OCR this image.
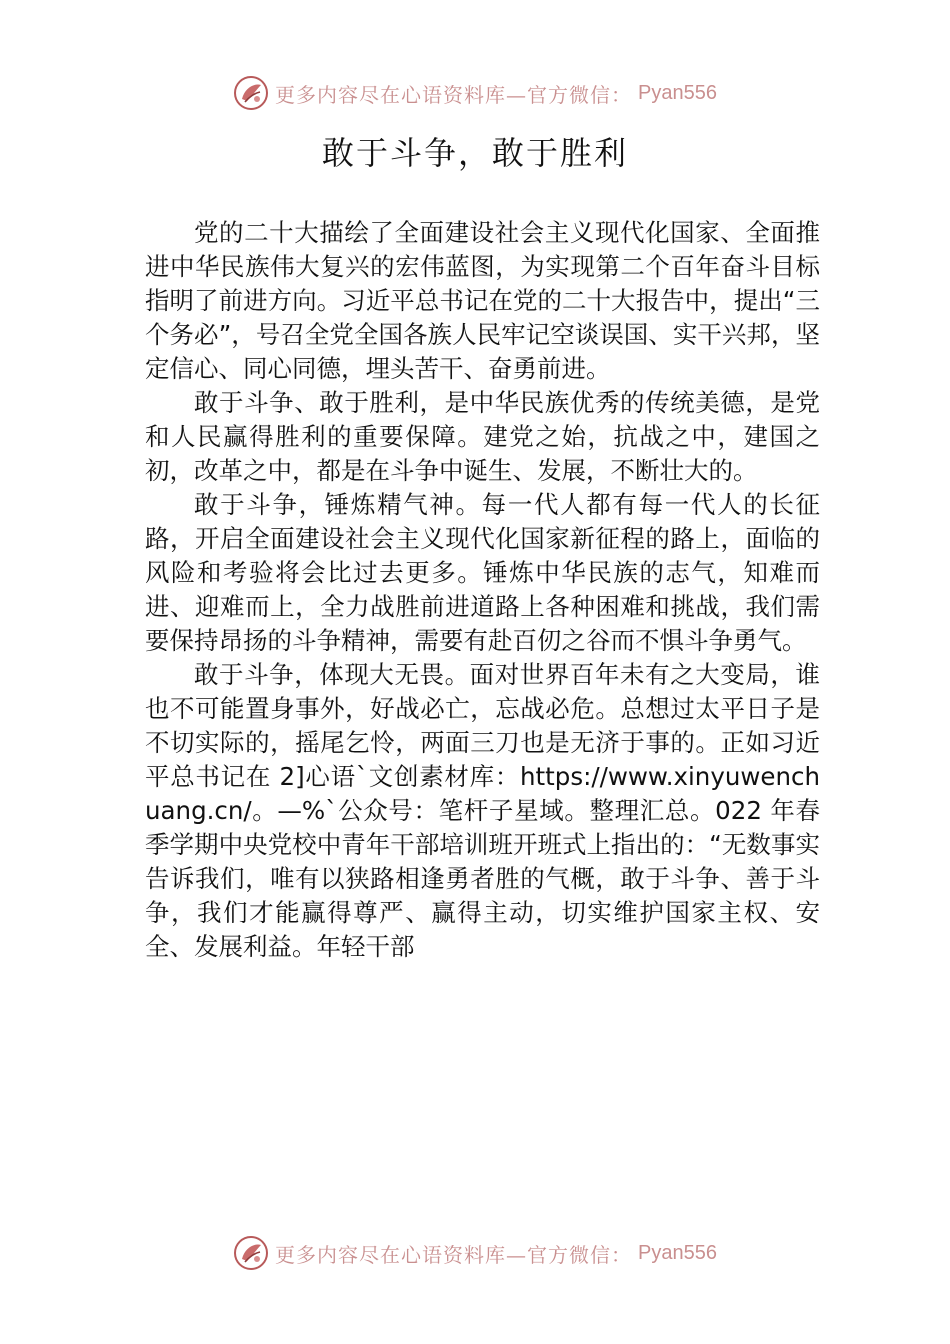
更多内容尽在心语资料库—官方微信： Pyan556
敢于斗争，敢于胜利

党的二十大描绘了全面建设社会主义现代化国家、全面推进中华民族伟大复兴的宏伟蓝图，为实现第二个百年奋斗目标指明了前进方向。习近平总书记在党的二十大报告中，提出“三个务必”，号召全党全国各族人民牢记空谈误国、实干兴邦，坚定信心、同心同德，埋头苦干、奋勇前进。

敢于斗争、敢于胜利，是中华民族优秀的传统美德，是党和人民赢得胜利的重要保障。建党之始，抗战之中，建国之初，改革之中，都是在斗争中诞生、发展，不断壮大的。

敢于斗争，锤炼精气神。每一代人都有每一代人的长征路，开启全面建设社会主义现代化国家新征程的路上，面临的风险和考验将会比过去更多。锤炼中华民族的志气，知难而进、迎难而上，全力战胜前进道路上各种困难和挑战，我们需要保持昂扬的斗争精神，需要有赴百仞之谷而不惧斗争勇气。

敢于斗争，体现大无畏。面对世界百年未有之大变局，谁也不可能置身事外，好战必亡，忘战必危。总想过太平日子是不切实际的，摇尾乞怜，两面三刀也是无济于事的。正如习近平总书记在 2]心语`文创素材库：https://www.xinyuwenchuang.cn/。—%`公众号：笔杆子星域。整理汇总。022 年春季学期中央党校中青年干部培训班开班式上指出的：“无数事实告诉我们，唯有以狭路相逢勇者胜的气概，敢于斗争、善于斗争，我们才能赢得尊严、赢得主动，切实维护国家主权、安全、发展利益。年轻干部

更多内容尽在心语资料库—官方微信： Pyan556
